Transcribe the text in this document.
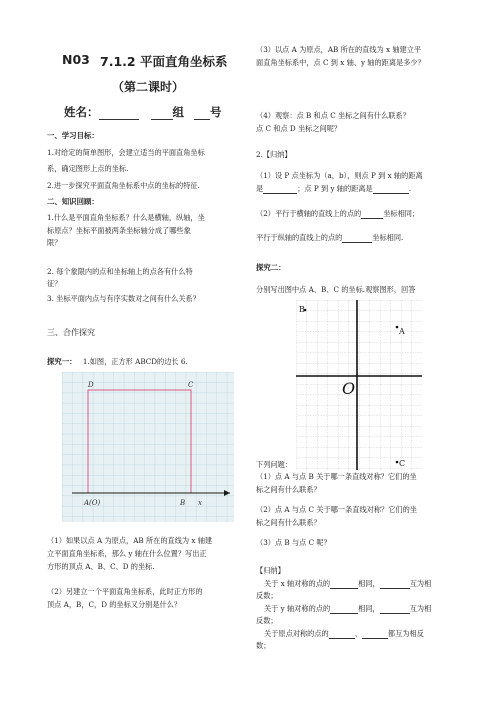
N03 7.1.2 平面直角坐标系
（第二课时）
姓名：	组 号
一、学习目标：
1.对给定的简单图形，会建立适当的平面直角坐标
系，确定图形上点的坐标.
2.进一步探究平面直角坐标系中点的坐标的特征.
二、知识回顾：
1.什么是平面直角坐标系？什么是横轴，纵轴，坐
标原点？坐标平面被两条坐标轴分成了哪些象
限？
2. 每个象限内的点和坐标轴上的点各有什么特
征？
3. 坐标平面内点与有序实数对之间有什么关系？
三、合作探究
探究一： 1.如图，正方形 ABCD的边长 6.
D	C
A(O)	B x
（1）如果以点 A 为原点，AB 所在的直线为 x 轴建
立平面直角坐标系，那么 y 轴在什么位置？写出正
方形的顶点 A、B、C、D 的坐标.
（2）另建立一个平面直角坐标系，此时正方形的
顶点 A，B，C，D 的坐标又分别是什么？
（3）以点 A 为原点，AB 所在的直线为 x 轴建立平
面直角坐标系中，点 C 到 x 轴、y 轴的距离是多少？
（4）观察：点 B 和点 C 坐标之间有什么联系？
点 C 和点 D 坐标之间呢？
2.【归纳】
（1）设 P 点坐标为（a，b），则点 P 到 x 轴的距离
是	；点 P 到 y 轴的距离是	.
（2）平行于横轴的直线上的点的	坐标相同；
平行于纵轴的直线上的点的	坐标相同.
探究二：
分别写出图中点 A、B、C 的坐标.观察图形，回答
B
A
O
C
下列问题：
（1）点 A 与点 B 关于哪一条直线对称？它们的坐
标之间有什么联系？
（2）点 A 与点 C 关于哪一条直线对称？它们的坐
标之间有什么联系？
（3）点 B 与点 C 呢？
【归纳】
关于 x 轴对称的点的	相同，	互为相
反数；
关于 y 轴对称的点的	相同，	互为相
反数；
关于原点对称的点的	、	都互为相反
数；
